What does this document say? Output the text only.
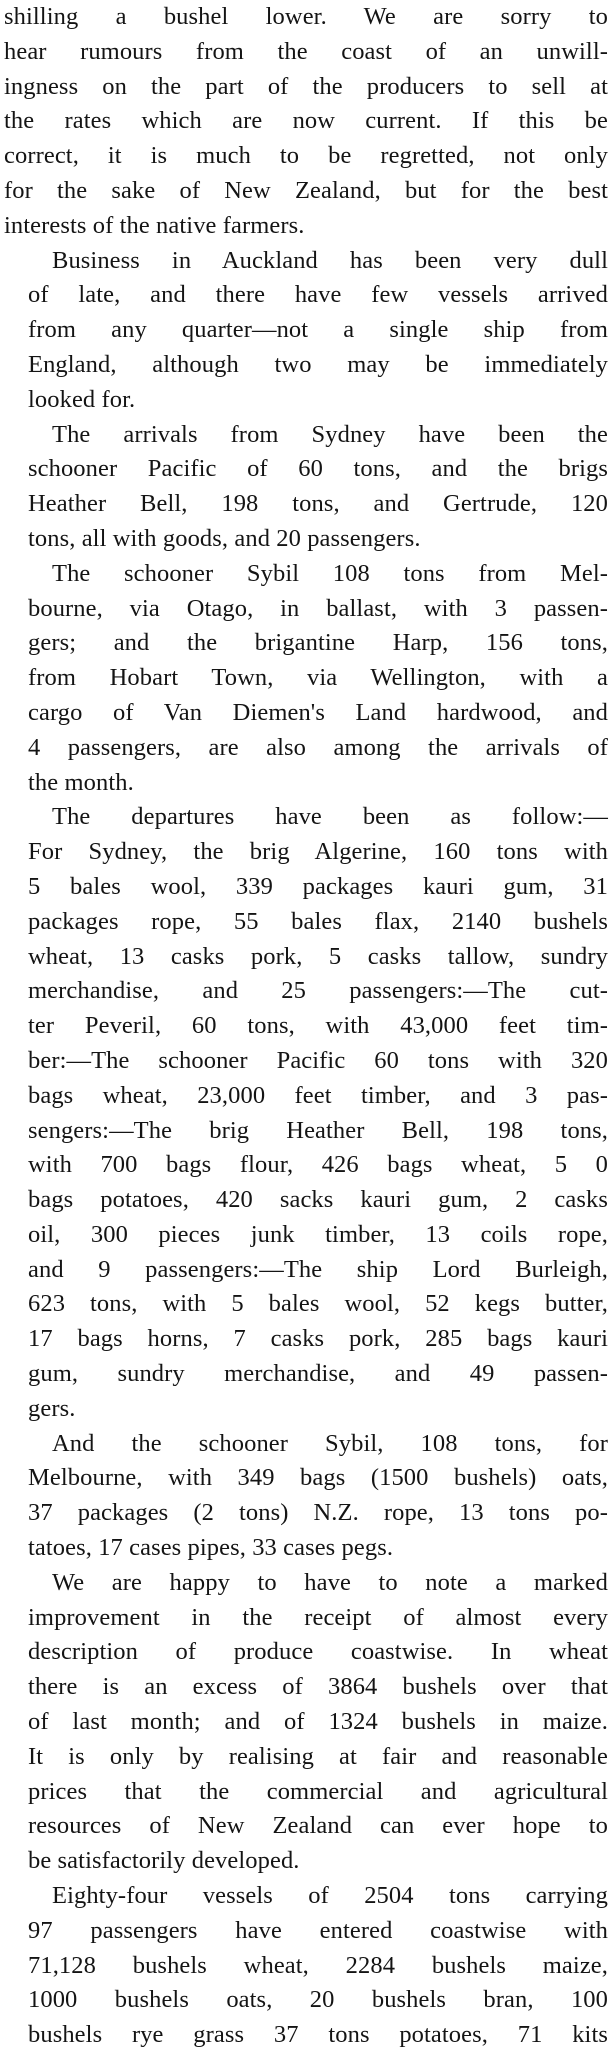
shilling a bushel lower. We are sorry to
hear rumours from the coast of an unwill-
ingness on the part of the producers to sell at
the rates which are now current. If this be
correct, it is much to be regretted, not only
for the sake of New Zealand, but for the best
interests of the native farmers.

Business in Auckland has been very dull
of late, and there have few vessels arrived
from any quarter—not a single ship from
England, although two may be immediately
looked for.

The arrivals from Sydney have been the
schooner Pacific of 60 tons, and the brigs
Heather Bell, 198 tons, and Gertrude, 120
tons, all with goods, and 20 passengers.

The schooner Sybil 108 tons from Mel-
bourne, via Otago, in ballast, with 3 passen-
gers; and the brigantine Harp, 156 tons,
from Hobart Town, via Wellington, with a
cargo of Van Diemen's Land hardwood, and
4 passengers, are also among the arrivals of
the month.

The departures have been as follow:—
For Sydney, the brig Algerine, 160 tons with
5 bales wool, 339 packages kauri gum, 31
packages rope, 55 bales flax, 2140 bushels
wheat, 13 casks pork, 5 casks tallow, sundry
merchandise, and 25 passengers:—The cut-
ter Peveril, 60 tons, with 43,000 feet tim-
ber:—The schooner Pacific 60 tons with 320
bags wheat, 23,000 feet timber, and 3 pas-
sengers:—The brig Heather Bell, 198 tons,
with 700 bags flour, 426 bags wheat, 5 0
bags potatoes, 420 sacks kauri gum, 2 casks
oil, 300 pieces junk timber, 13 coils rope,
and 9 passengers:—The ship Lord Burleigh,
623 tons, with 5 bales wool, 52 kegs butter,
17 bags horns, 7 casks pork, 285 bags kauri
gum, sundry merchandise, and 49 passen-
gers.

And the schooner Sybil, 108 tons, for
Melbourne, with 349 bags (1500 bushels) oats,
37 packages (2 tons) N.Z. rope, 13 tons po-
tatoes, 17 cases pipes, 33 cases pegs.

We are happy to have to note a marked
improvement in the receipt of almost every
description of produce coastwise. In wheat
there is an excess of 3864 bushels over that
of last month; and of 1324 bushels in maize.
It is only by realising at fair and reasonable
prices that the commercial and agricultural
resources of New Zealand can ever hope to
be satisfactorily developed.

Eighty-four vessels of 2504 tons carrying
97 passengers have entered coastwise with
71,128 bushels wheat, 2284 bushels maize,
1000 bushels oats, 20 bushels bran, 100
bushels rye grass 37 tons potatoes, 71 kits
